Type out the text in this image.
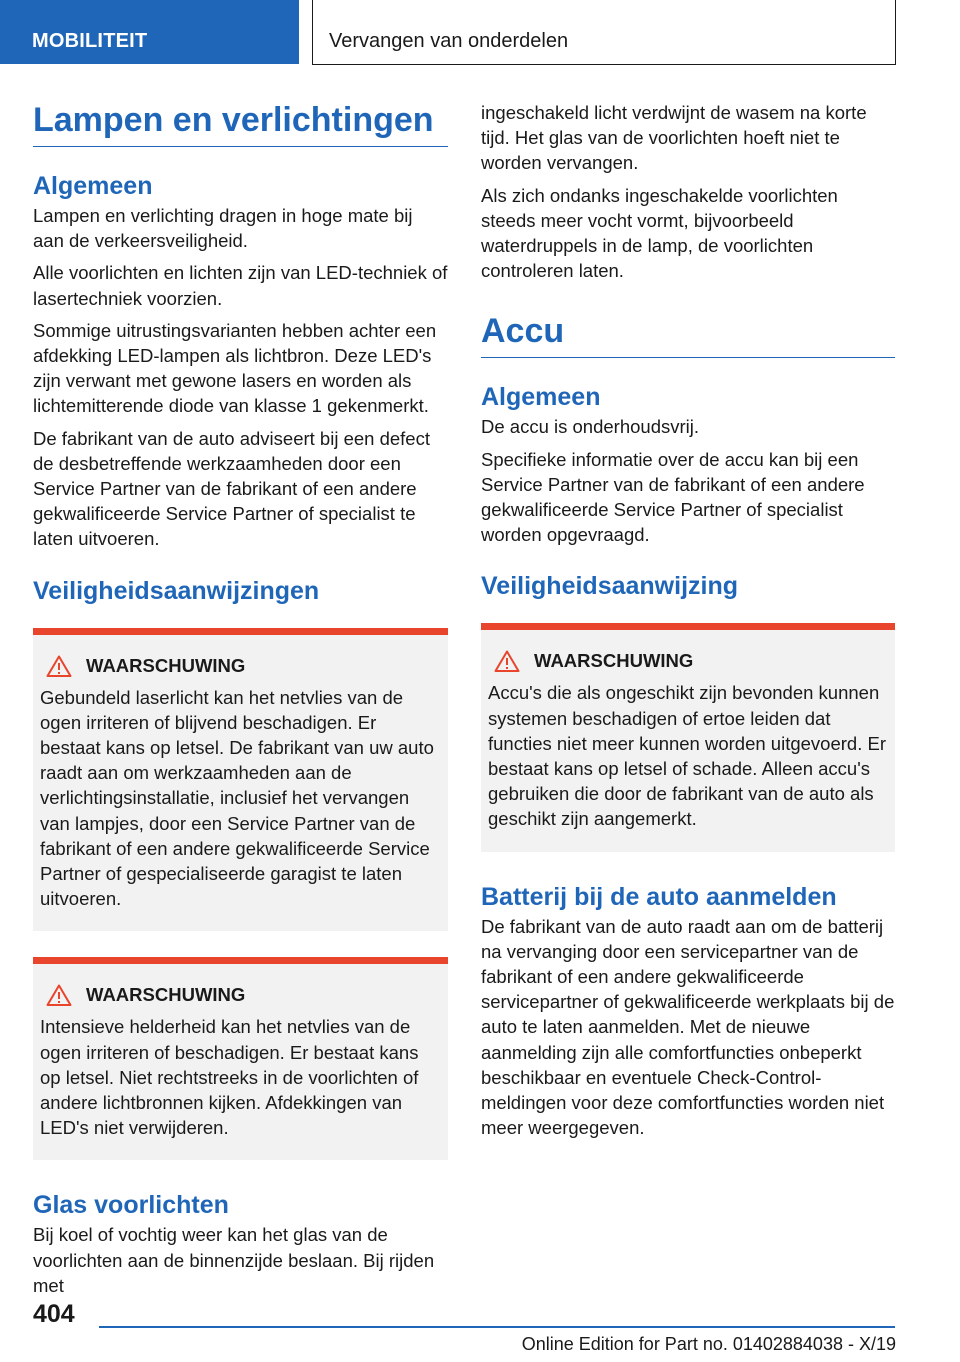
MOBILITEIT	Vervangen van onderdelen
Lampen en verlichtingen
Algemeen

Lampen en verlichting dragen in hoge mate bij aan de verkeersveiligheid.

Alle voorlichten en lichten zijn van LED-techniek of lasertechniek voorzien.

Sommige uitrustingsvarianten hebben achter een afdekking LED-lampen als lichtbron. Deze LED's zijn verwant met gewone lasers en worden als lichtemitterende diode van klasse 1 gekenmerkt.

De fabrikant van de auto adviseert bij een defect de desbetreffende werkzaamheden door een Service Partner van de fabrikant of een andere gekwalificeerde Service Partner of specialist te laten uitvoeren.

Veiligheidsaanwijzingen
WAARSCHUWING

Gebundeld laserlicht kan het netvlies van de ogen irriteren of blijvend beschadigen. Er bestaat kans op letsel. De fabrikant van uw auto raadt aan om werkzaamheden aan de verlichtingsinstallatie, inclusief het vervangen van lampjes, door een Service Partner van de fabrikant of een andere gekwalificeerde Service Partner of gespecialiseerde garagist te laten uitvoeren.

WAARSCHUWING

Intensieve helderheid kan het netvlies van de ogen irriteren of beschadigen. Er bestaat kans op letsel. Niet rechtstreeks in de voorlichten of andere lichtbronnen kijken. Afdekkingen van LED's niet verwijderen.

Glas voorlichten

Bij koel of vochtig weer kan het glas van de voorlichten aan de binnenzijde beslaan. Bij rijden met

ingeschakeld licht verdwijnt de wasem na korte tijd. Het glas van de voorlichten hoeft niet te worden vervangen.

Als zich ondanks ingeschakelde voorlichten steeds meer vocht vormt, bijvoorbeeld waterdruppels in de lamp, de voorlichten controleren laten.

Accu
Algemeen

De accu is onderhoudsvrij.

Specifieke informatie over de accu kan bij een Service Partner van de fabrikant of een andere gekwalificeerde Service Partner of specialist worden opgevraagd.

Veiligheidsaanwijzing
WAARSCHUWING

Accu's die als ongeschikt zijn bevonden kunnen systemen beschadigen of ertoe leiden dat functies niet meer kunnen worden uitgevoerd. Er bestaat kans op letsel of schade. Alleen accu's gebruiken die door de fabrikant van de auto als geschikt zijn aangemerkt.

Batterij bij de auto aanmelden

De fabrikant van de auto raadt aan om de batterij na vervanging door een servicepartner van de fabrikant of een andere gekwalificeerde servicepartner of gekwalificeerde werkplaats bij de auto te laten aanmelden. Met de nieuwe aanmelding zijn alle comfortfuncties onbeperkt beschikbaar en eventuele Check-Control-meldingen voor deze comfortfuncties worden niet meer weergegeven.

404
Online Edition for Part no. 01402884038 - X/19
